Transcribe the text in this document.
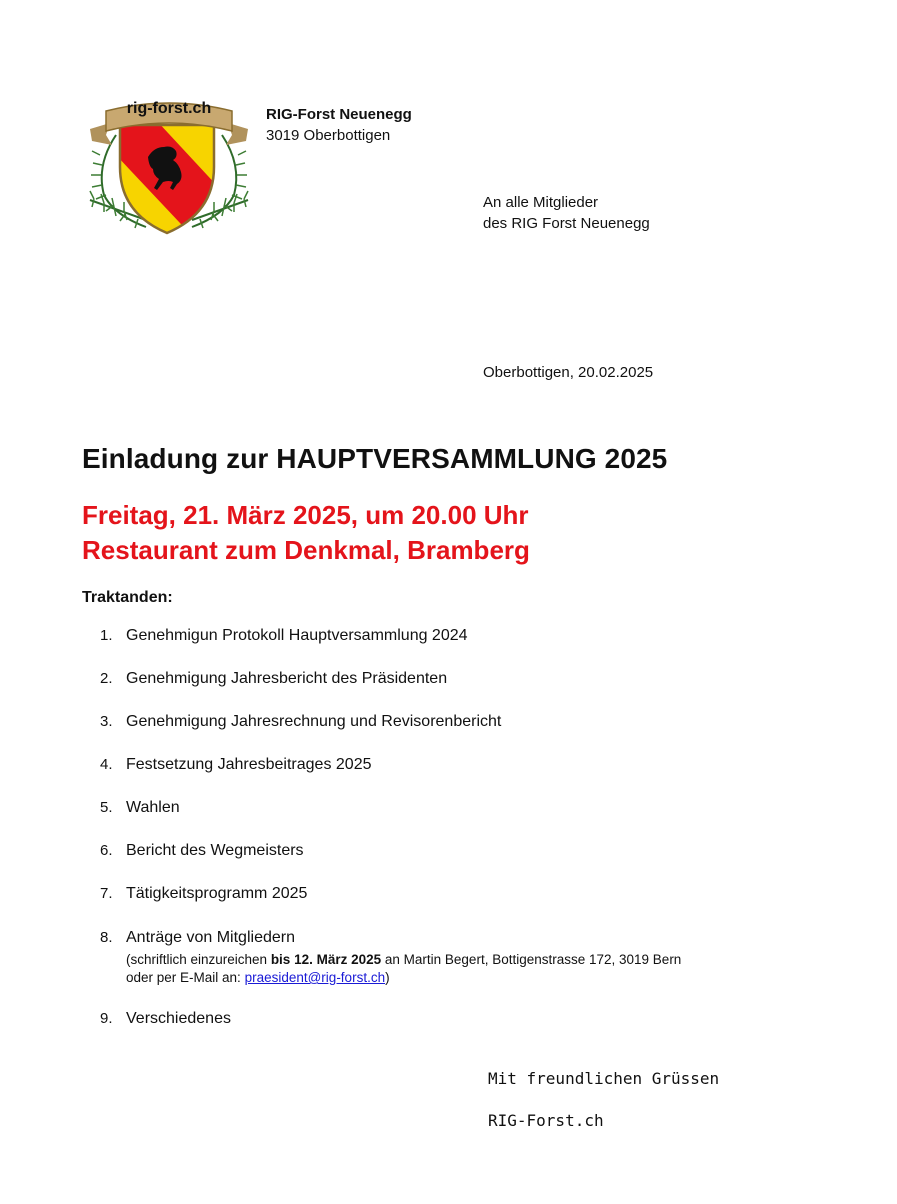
rig-forst.ch	RIG-Forst Neuenegg
3019 Oberbottigen
An alle Mitglieder
des RIG Forst Neuenegg
Oberbottigen, 20.02.2025
Einladung zur HAUPTVERSAMMLUNG 2025
Freitag, 21. März 2025, um 20.00 Uhr
Restaurant zum Denkmal, Bramberg
Traktanden:
1. Genehmigun Protokoll Hauptversammlung 2024
2. Genehmigung Jahresbericht des Präsidenten
3. Genehmigung Jahresrechnung und Revisorenbericht
4. Festsetzung Jahresbeitrages 2025
5. Wahlen
6. Bericht des Wegmeisters
7. Tätigkeitsprogramm 2025
8. Anträge von Mitgliedern
(schriftlich einzureichen bis 12. März 2025 an Martin Begert, Bottigenstrasse 172, 3019 Bern
oder per E-Mail an: praesident@rig-forst.ch)
9. Verschiedenes
Mit freundlichen Grüssen
RIG-Forst.ch
